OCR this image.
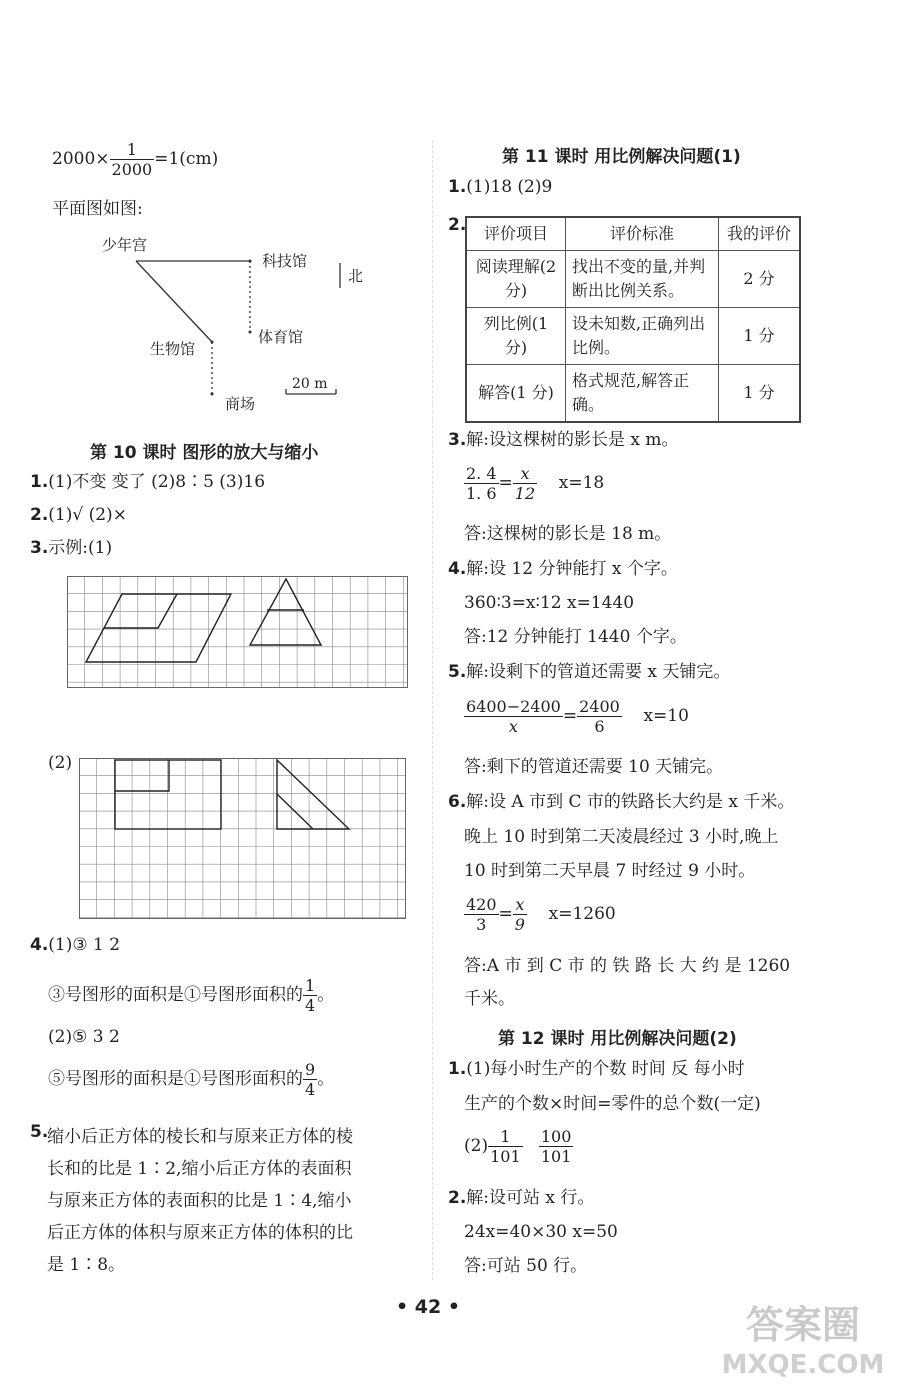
$2000\times \frac{1}{2000} =1(cm)$
平面图如图:
少年宫
科技馆
北
体育馆
生物馆
20 m
商场
第 10 课时 图形的放大与缩小
1.(1)不变 变了 (2)8∶5 (3)16
2.(1)√ (2)×
3.示例:(1)
(2)
4.(1)③ 1 2
③号图形的面积是①号图形面积的 $\frac{1}{4}$ 。
(2)⑤ 3 2
⑤号图形的面积是①号图形面积的 $\frac{9}{4}$ 。
5.
缩小后正方体的棱长和与原来正方体的棱
长和的比是 1∶2,缩小后正方体的表面积
与原来正方体的表面积的比是 1∶4,缩小
后正方体的体积与原来正方体的体积的比
是 1∶8。
第 11 课时 用比例解决问题(1)
1.(1)18 (2)9
2. 评价项目	评价标准	我的评价
阅读理解(2分)	找出不变的量,并判断出比例关系。	2 分
列比例(1分)	设未知数,正确列出比例。	1 分
解答(1 分)	格式规范,解答正确。	1 分
3.解:设这棵树的影长是 x m。
$\frac{2. 4}{1. 6} = \frac{x}{12} x=18$
答:这棵树的影长是 18 m。
4.解:设 12 分钟能打 x 个字。
360∶3=x∶12 x=1440
答:12 分钟能打 1440 个字。
5.解:设剩下的管道还需要 x 天铺完。
$\frac{6400-2400}{x} = \frac{2400}{6} x=10$
答:剩下的管道还需要 10 天铺完。
6.解:设 A 市到 C 市的铁路长大约是 x 千米。
晚上 10 时到第二天凌晨经过 3 小时,晚上
10 时到第二天早晨 7 时经过 9 小时。
$\frac{420}{3} = \frac{x}{9} x=1260$
答:A 市 到 C 市 的 铁 路 长 大 约 是 1260
千米。
第 12 课时 用比例解决问题(2)
1.(1)每小时生产的个数 时间 反 每小时
生产的个数×时间=零件的总个数(一定)
$(2) \frac{1}{101}$
$\frac{100}{101}$
2.解:设可站 x 行。
24x=40×30 x=50
答:可站 50 行。
• 42 •	答案圈
MXQE.COM
